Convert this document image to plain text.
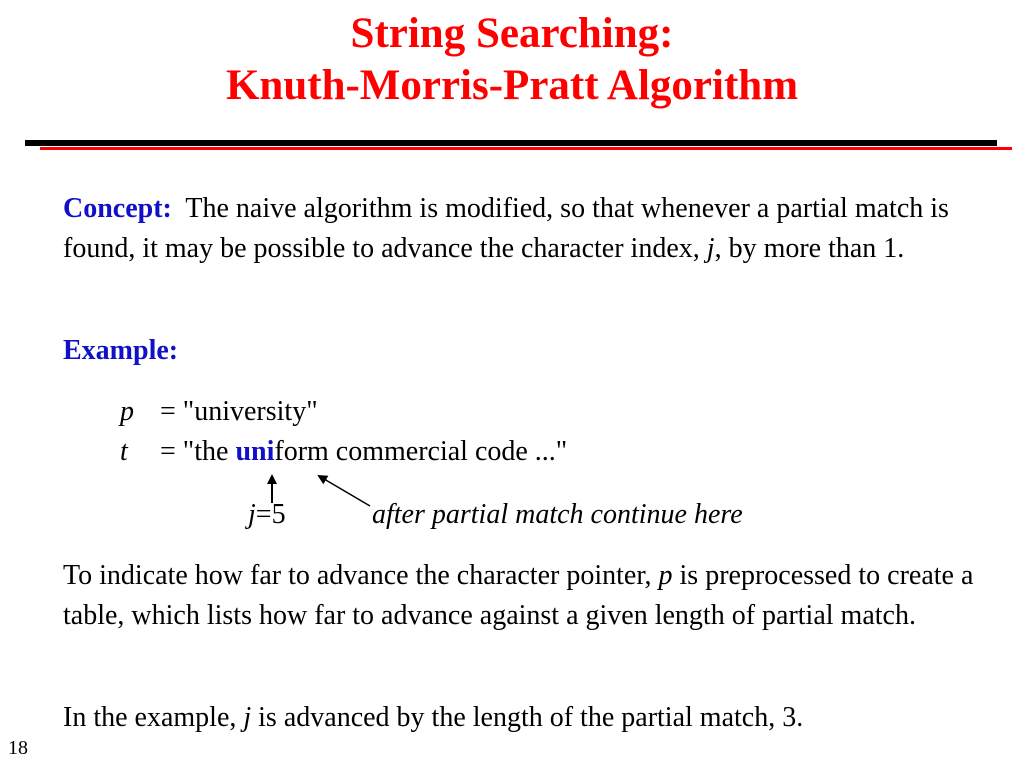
String Searching:
Knuth-Morris-Pratt Algorithm

Concept: The naive algorithm is modified, so that whenever a partial match is found, it may be possible to advance the character index, j, by more than 1.

Example:

p = "university"
t = "the uniform commercial code ..."
j=5	after partial match continue here

To indicate how far to advance the character pointer, p is preprocessed to create a table, which lists how far to advance against a given length of partial match.

In the example, j is advanced by the length of the partial match, 3.

18
